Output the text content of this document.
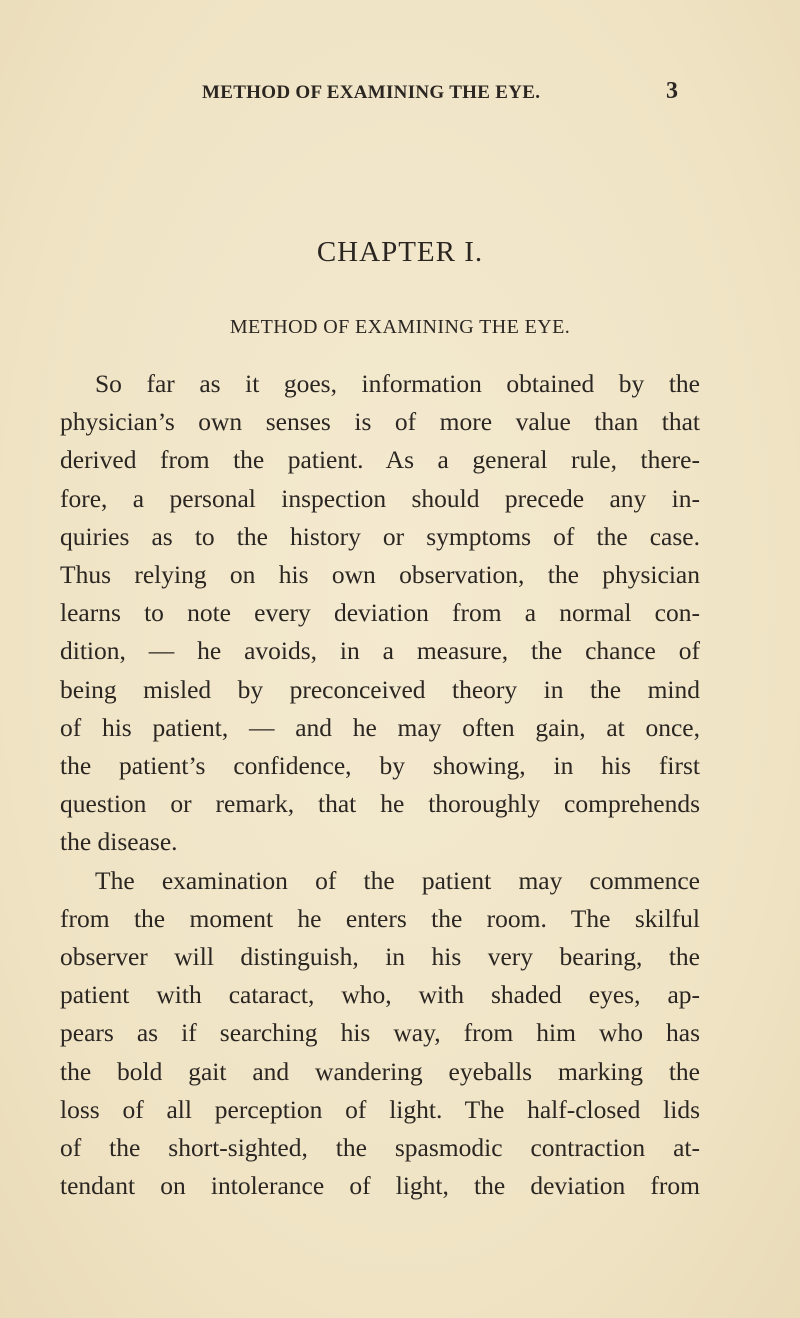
METHOD OF EXAMINING THE EYE.	3
CHAPTER I.
METHOD OF EXAMINING THE EYE.
So far as it goes, information obtained by the
physician’s own senses is of more value than that
derived from the patient. As a general rule, there-
fore, a personal inspection should precede any in-
quiries as to the history or symptoms of the case.
Thus relying on his own observation, the physician
learns to note every deviation from a normal con-
dition, — he avoids, in a measure, the chance of
being misled by preconceived theory in the mind
of his patient, — and he may often gain, at once,
the patient’s confidence, by showing, in his first
question or remark, that he thoroughly comprehends
the disease.
The examination of the patient may commence
from the moment he enters the room. The skilful
observer will distinguish, in his very bearing, the
patient with cataract, who, with shaded eyes, ap-
pears as if searching his way, from him who has
the bold gait and wandering eyeballs marking the
loss of all perception of light. The half-closed lids
of the short-sighted, the spasmodic contraction at-
tendant on intolerance of light, the deviation from
